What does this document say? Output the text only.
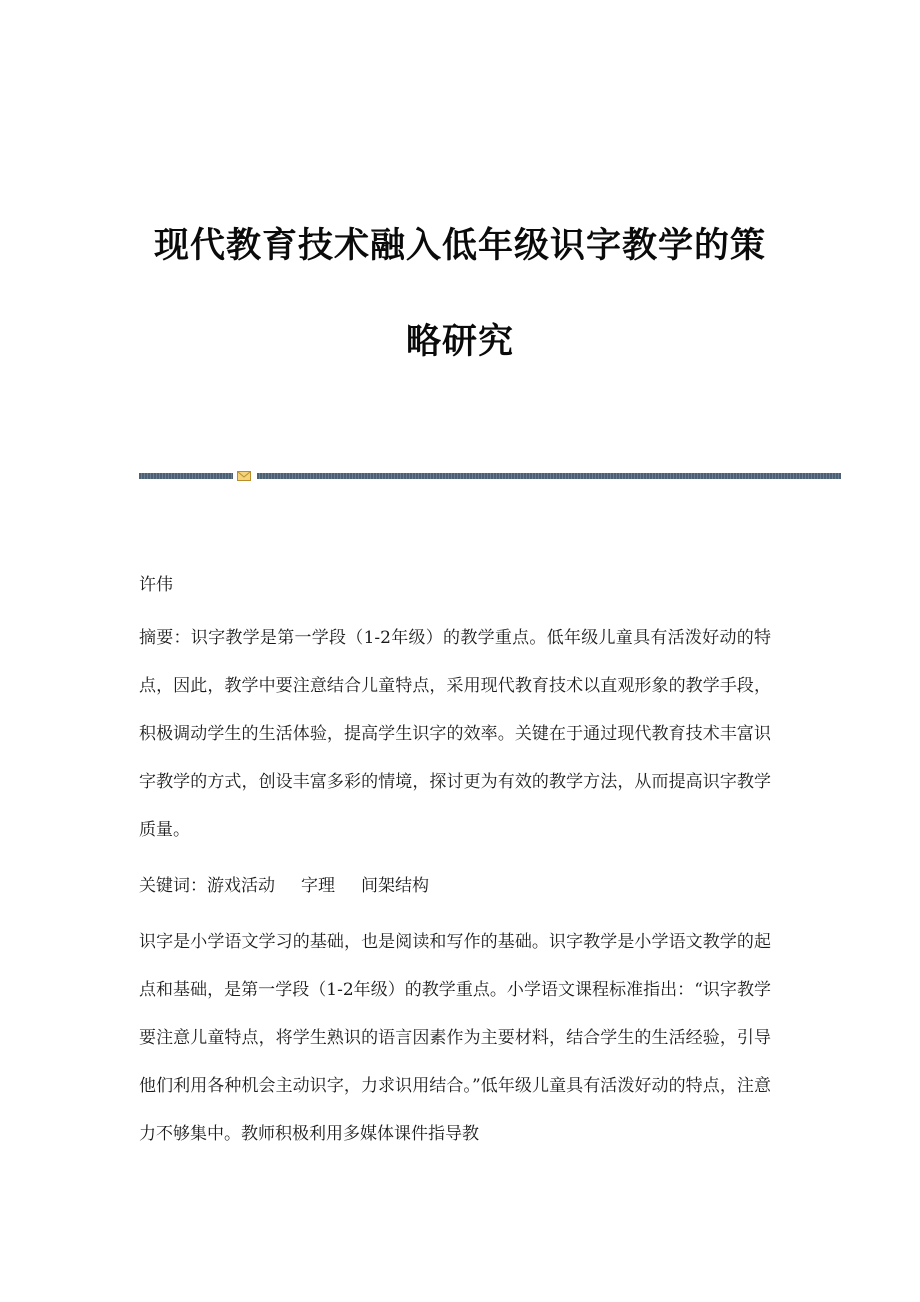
现代教育技术融入低年级识字教学的策
略研究
许伟
摘要：识字教学是第一学段（1-2年级）的教学重点。低年级儿童具有活泼好动的特点，因此，教学中要注意结合儿童特点，采用现代教育技术以直观形象的教学手段，积极调动学生的生活体验，提高学生识字的效率。关键在于通过现代教育技术丰富识字教学的方式，创设丰富多彩的情境，探讨更为有效的教学方法，从而提高识字教学质量。
关键词：游戏活动 字理 间架结构
识字是小学语文学习的基础，也是阅读和写作的基础。识字教学是小学语文教学的起点和基础，是第一学段（1-2年级）的教学重点。小学语文课程标准指出：“识字教学要注意儿童特点，将学生熟识的语言因素作为主要材料，结合学生的生活经验，引导他们利用各种机会主动识字，力求识用结合。”低年级儿童具有活泼好动的特点，注意力不够集中。教师积极利用多媒体课件指导教
